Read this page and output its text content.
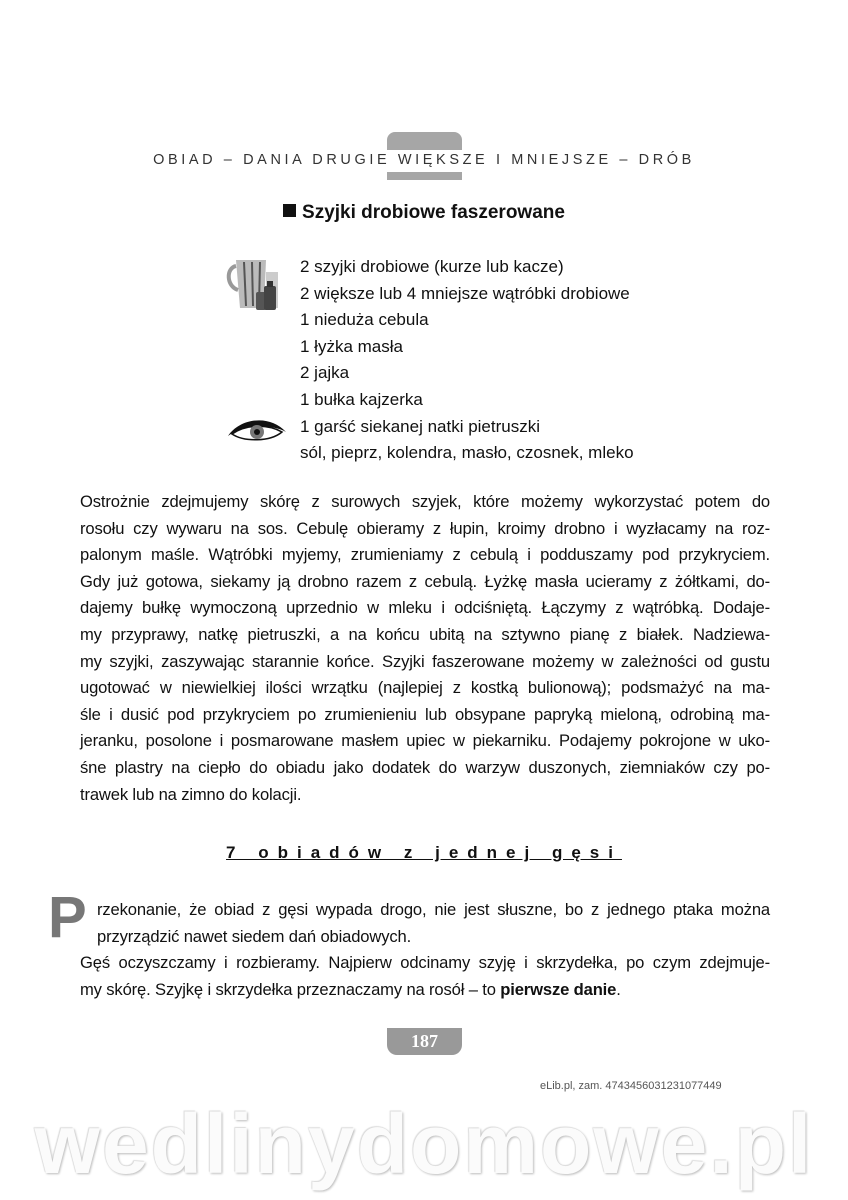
OBIAD – DANIA DRUGIE WIĘKSZE I MNIEJSZE – DRÓB
Szyjki drobiowe faszerowane
2 szyjki drobiowe (kurze lub kacze)
2 większe lub 4 mniejsze wątróbki drobiowe
1 nieduża cebula
1 łyżka masła
2 jajka
1 bułka kajzerka
1 garść siekanej natki pietruszki
sól, pieprz, kolendra, masło, czosnek, mleko
Ostrożnie zdejmujemy skórę z surowych szyjek, które możemy wykorzystać potem do
rosołu czy wywaru na sos. Cebulę obieramy z łupin, kroimy drobno i wyzłacamy na roz-
palonym maśle. Wątróbki myjemy, zrumieniamy z cebulą i podduszamy pod przykryciem.
Gdy już gotowa, siekamy ją drobno razem z cebulą. Łyżkę masła ucieramy z żółtkami, do-
dajemy bułkę wymoczoną uprzednio w mleku i odciśniętą. Łączymy z wątróbką. Dodaje-
my przyprawy, natkę pietruszki, a na końcu ubitą na sztywno pianę z białek. Nadziewa-
my szyjki, zaszywając starannie końce. Szyjki faszerowane możemy w zależności od gustu
ugotować w niewielkiej ilości wrzątku (najlepiej z kostką bulionową); podsmażyć na ma-
śle i dusić pod przykryciem po zrumienieniu lub obsypane papryką mieloną, odrobiną ma-
jeranku, posolone i posmarowane masłem upiec w piekarniku. Podajemy pokrojone w uko-
śne plastry na ciepło do obiadu jako dodatek do warzyw duszonych, ziemniaków czy po-
trawek lub na zimno do kolacji.
7 obiadów z jednej gęsi
P rzekonanie, że obiad z gęsi wypada drogo, nie jest słuszne, bo z jednego ptaka można
przyrządzić nawet siedem dań obiadowych.
Gęś oczyszczamy i rozbieramy. Najpierw odcinamy szyję i skrzydełka, po czym zdejmuje-
my skórę. Szyjkę i skrzydełka przeznaczamy na rosół – to pierwsze danie.
187
eLib.pl, zam. 4743456031231077449
wedlinydomowe.pl
